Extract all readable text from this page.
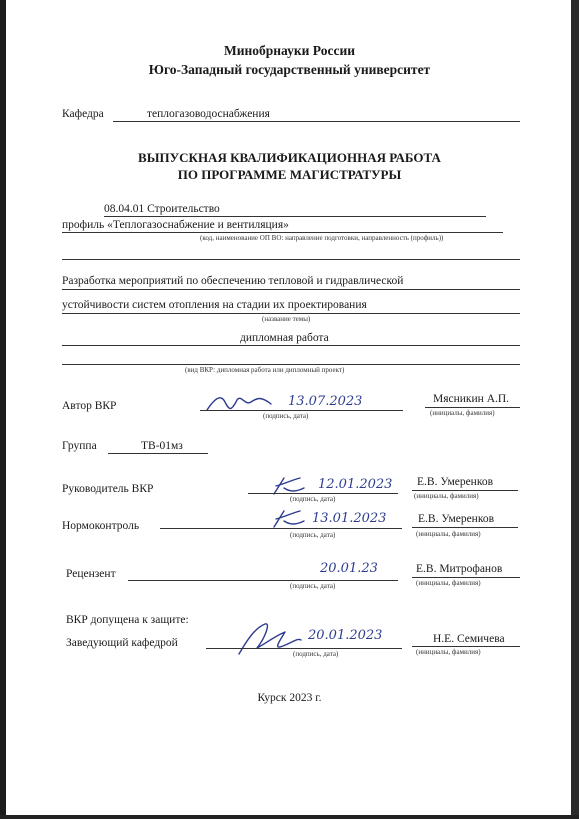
Минобрнауки России
Юго-Западный государственный университет
Кафедра	теплогазоводоснабжения
ВЫПУСКНАЯ КВАЛИФИКАЦИОННАЯ РАБОТА
ПО ПРОГРАММЕ МАГИСТРАТУРЫ
08.04.01 Строительство
профиль «Теплогазоснабжение и вентиляция»
(код, наименование ОП ВО: направление подготовки, направленность (профиль))
Разработка мероприятий по обеспечению тепловой и гидравлической
устойчивости систем отопления на стадии их проектирования
(название темы)
дипломная работа
(вид ВКР: дипломная работа или дипломный проект)
Автор ВКР	13.07.2023
(подпись, дата)
Мясникин А.П.
(инициалы, фамилия)
Группа	ТВ-01мз
Руководитель ВКР	12.01.2023
(подпись, дата)
Е.В. Умеренков
(инициалы, фамилия)
Нормоконтроль	13.01.2023
(подпись, дата)
Е.В. Умеренков
(инициалы, фамилия)
Рецензент	20.01.23
(подпись, дата)
Е.В. Митрофанов
(инициалы, фамилия)
ВКР допущена к защите:
Заведующий кафедрой	20.01.2023
(подпись, дата)
Н.Е. Семичева
(инициалы, фамилия)
Курск 2023 г.
